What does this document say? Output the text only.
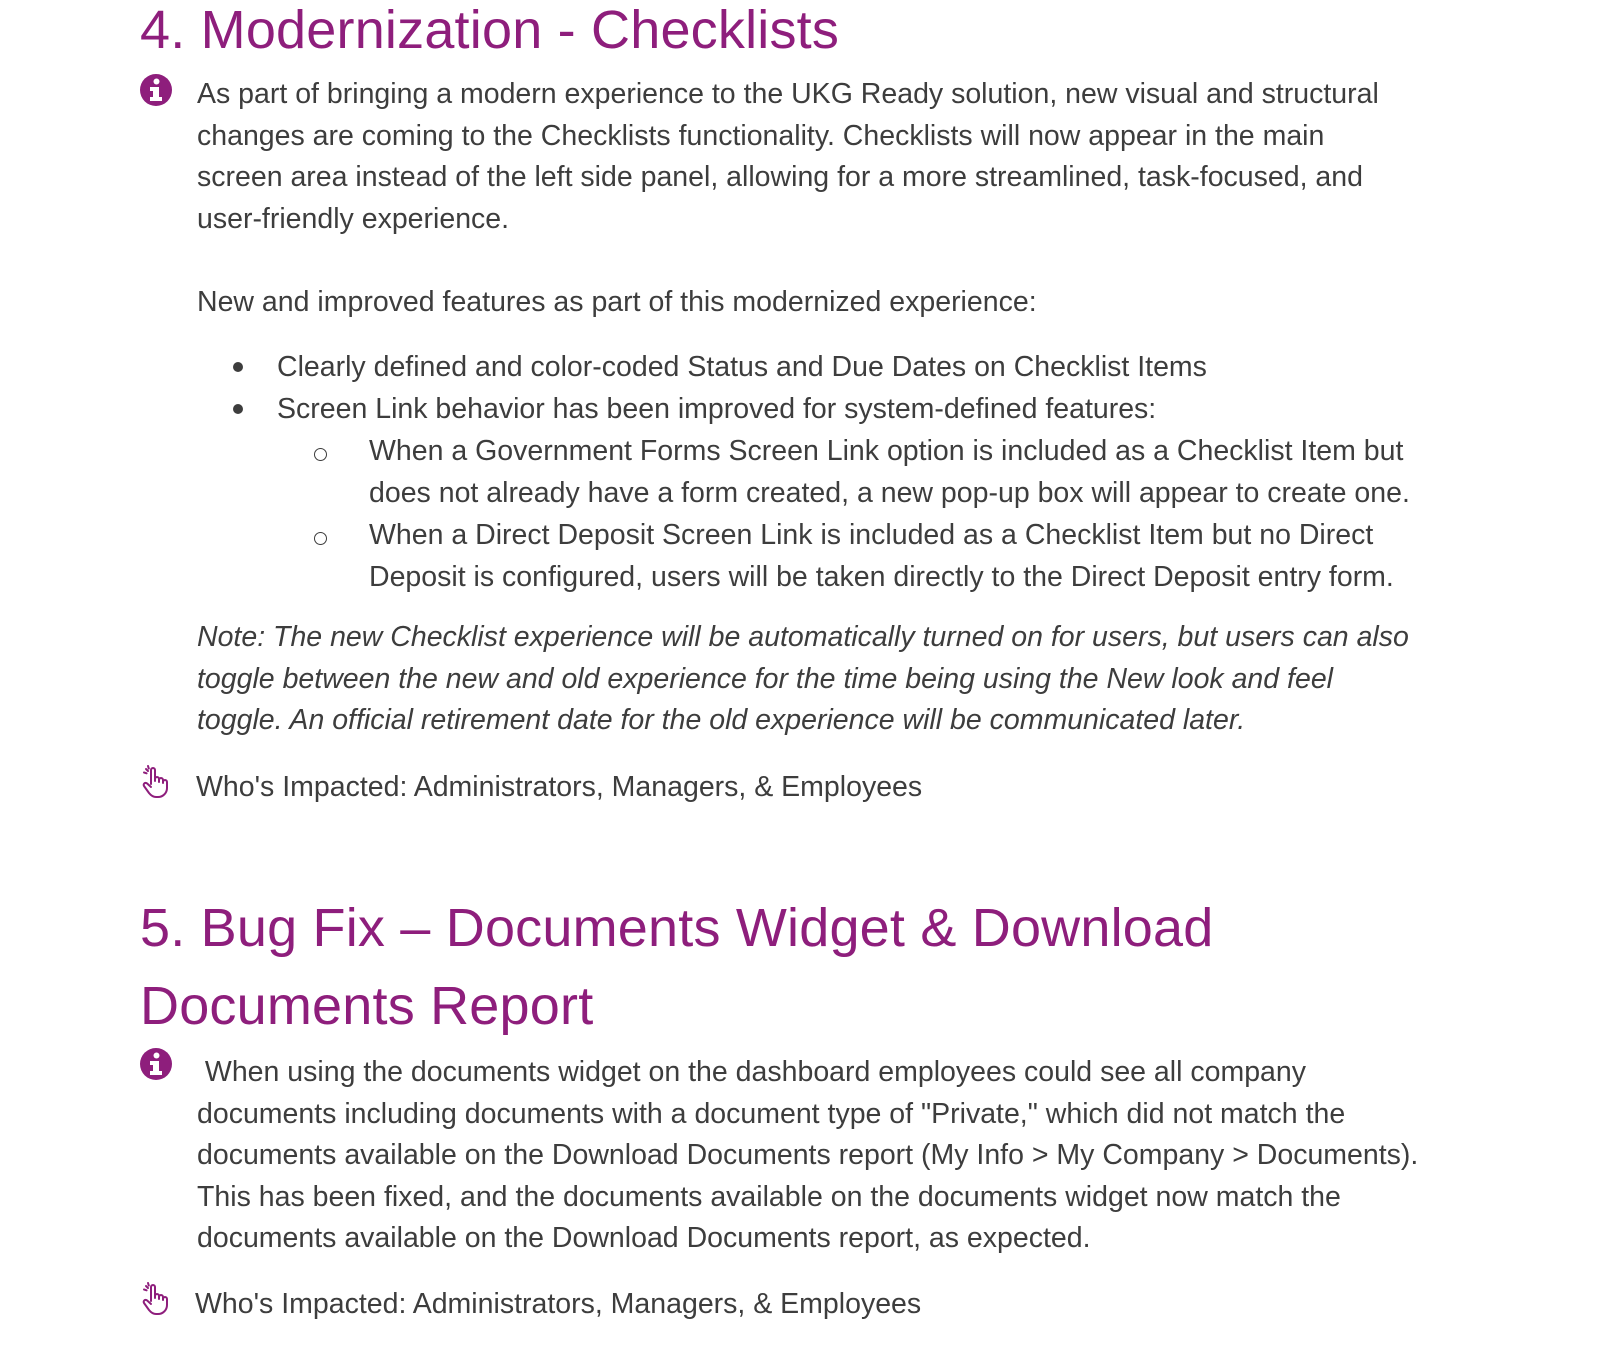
4. Modernization - Checklists

As part of bringing a modern experience to the UKG Ready solution, new visual and structural
changes are coming to the Checklists functionality. Checklists will now appear in the main
screen area instead of the left side panel, allowing for a more streamlined, task-focused, and
user-friendly experience.

New and improved features as part of this modernized experience:

Clearly defined and color-coded Status and Due Dates on Checklist Items
Screen Link behavior has been improved for system-defined features:
When a Government Forms Screen Link option is included as a Checklist Item but
does not already have a form created, a new pop-up box will appear to create one.
When a Direct Deposit Screen Link is included as a Checklist Item but no Direct
Deposit is configured, users will be taken directly to the Direct Deposit entry form.

Note: The new Checklist experience will be automatically turned on for users, but users can also
toggle between the new and old experience for the time being using the New look and feel
toggle. An official retirement date for the old experience will be communicated later.

Who's Impacted: Administrators, Managers, & Employees

5. Bug Fix – Documents Widget & Download
Documents Report

When using the documents widget on the dashboard employees could see all company
documents including documents with a document type of "Private," which did not match the
documents available on the Download Documents report (My Info > My Company > Documents).
This has been fixed, and the documents available on the documents widget now match the
documents available on the Download Documents report, as expected.

Who's Impacted: Administrators, Managers, & Employees
